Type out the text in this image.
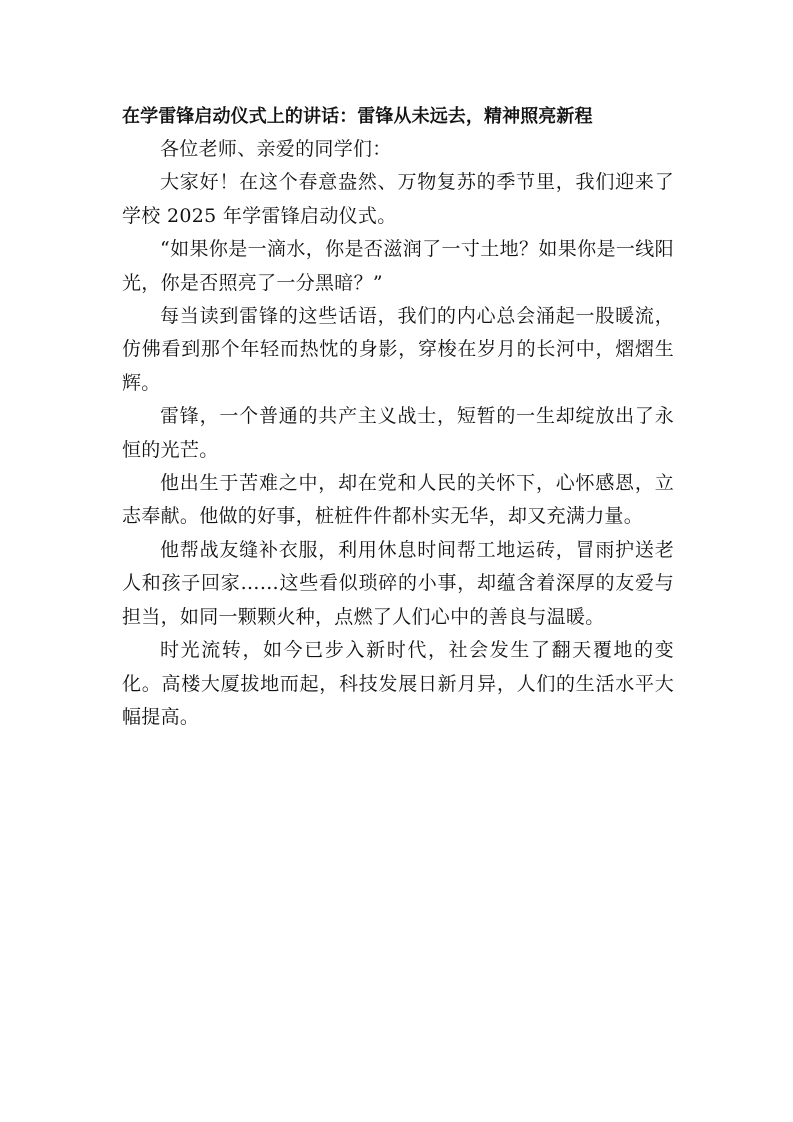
在学雷锋启动仪式上的讲话：雷锋从未远去，精神照亮新程

各位老师、亲爱的同学们：

大家好！在这个春意盎然、万物复苏的季节里，我们迎来了学校 2025 年学雷锋启动仪式。

“如果你是一滴水，你是否滋润了一寸土地？如果你是一线阳光，你是否照亮了一分黑暗？”

每当读到雷锋的这些话语，我们的内心总会涌起一股暖流，仿佛看到那个年轻而热忱的身影，穿梭在岁月的长河中，熠熠生辉。

雷锋，一个普通的共产主义战士，短暂的一生却绽放出了永恒的光芒。

他出生于苦难之中，却在党和人民的关怀下，心怀感恩，立志奉献。他做的好事，桩桩件件都朴实无华，却又充满力量。

他帮战友缝补衣服，利用休息时间帮工地运砖，冒雨护送老人和孩子回家……这些看似琐碎的小事，却蕴含着深厚的友爱与担当，如同一颗颗火种，点燃了人们心中的善良与温暖。

时光流转，如今已步入新时代，社会发生了翻天覆地的变化。高楼大厦拔地而起，科技发展日新月异，人们的生活水平大幅提高。
